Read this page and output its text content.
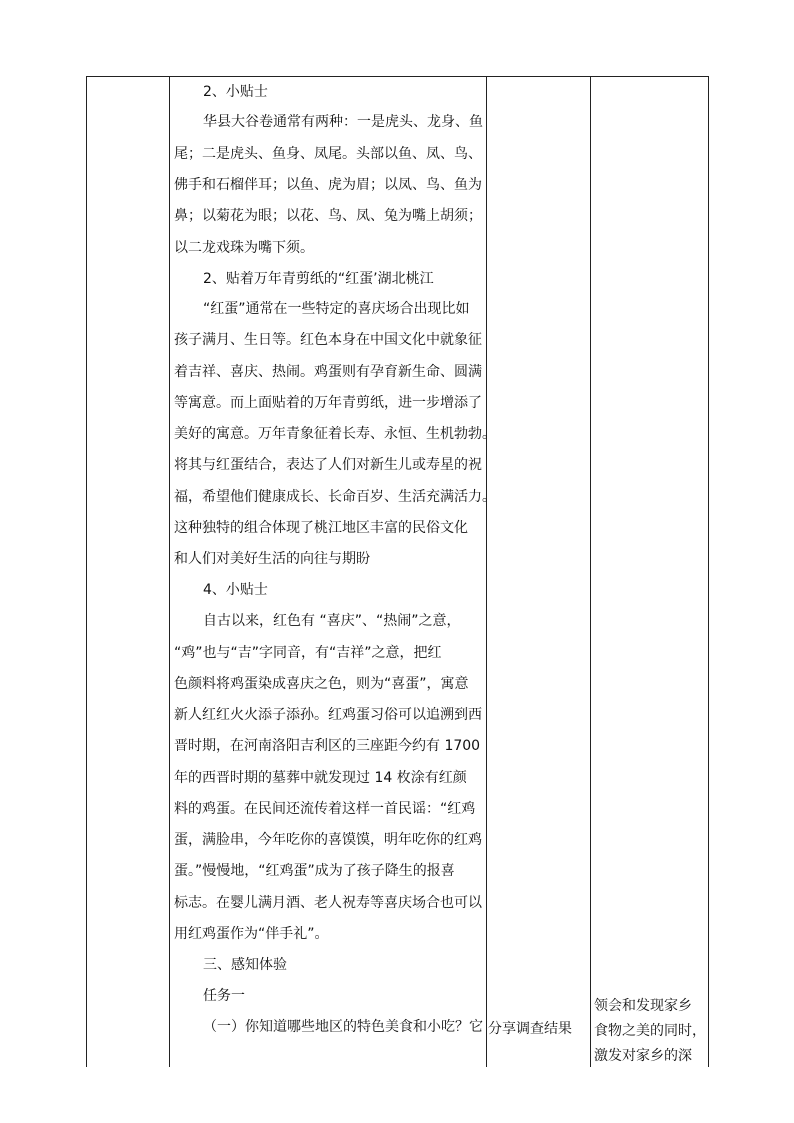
2、小贴士
华县大谷卷通常有两种：一是虎头、龙身、鱼
尾；二是虎头、鱼身、凤尾。头部以鱼、凤、鸟、
佛手和石榴伴耳；以鱼、虎为眉；以凤、鸟、鱼为
鼻；以菊花为眼；以花、鸟、凤、兔为嘴上胡须；
以二龙戏珠为嘴下须。
2、贴着万年青剪纸的“红蛋’湖北桃江
“红蛋”通常在一些特定的喜庆场合出现比如
孩子满月、生日等。红色本身在中国文化中就象征
着吉祥、喜庆、热闹。鸡蛋则有孕育新生命、圆满
等寓意。而上面贴着的万年青剪纸，进一步增添了
美好的寓意。万年青象征着长寿、永恒、生机勃勃。
将其与红蛋结合，表达了人们对新生儿或寿星的祝
福，希望他们健康成长、长命百岁、生活充满活力。
这种独特的组合体现了桃江地区丰富的民俗文化
和人们对美好生活的向往与期盼
4、小贴士
自古以来，红色有 “喜庆”、“热闹”之意，
“鸡”也与“吉”字同音，有“吉祥”之意，把红
色颜料将鸡蛋染成喜庆之色，则为“喜蛋”，寓意
新人红红火火添子添孙。红鸡蛋习俗可以追溯到西
晋时期，在河南洛阳吉利区的三座距今约有 1700
年的西晋时期的墓葬中就发现过 14 枚涂有红颜
料的鸡蛋。在民间还流传着这样一首民谣：“红鸡
蛋，满脸串，今年吃你的喜馍馍，明年吃你的红鸡
蛋。”慢慢地，“红鸡蛋”成为了孩子降生的报喜
标志。在婴儿满月酒、老人祝寿等喜庆场合也可以
用红鸡蛋作为“伴手礼”。
三、感知体验
任务一
（一）你知道哪些地区的特色美食和小吃？它 分享调查结果
领会和发现家乡
食物之美的同时，
激发对家乡的深
